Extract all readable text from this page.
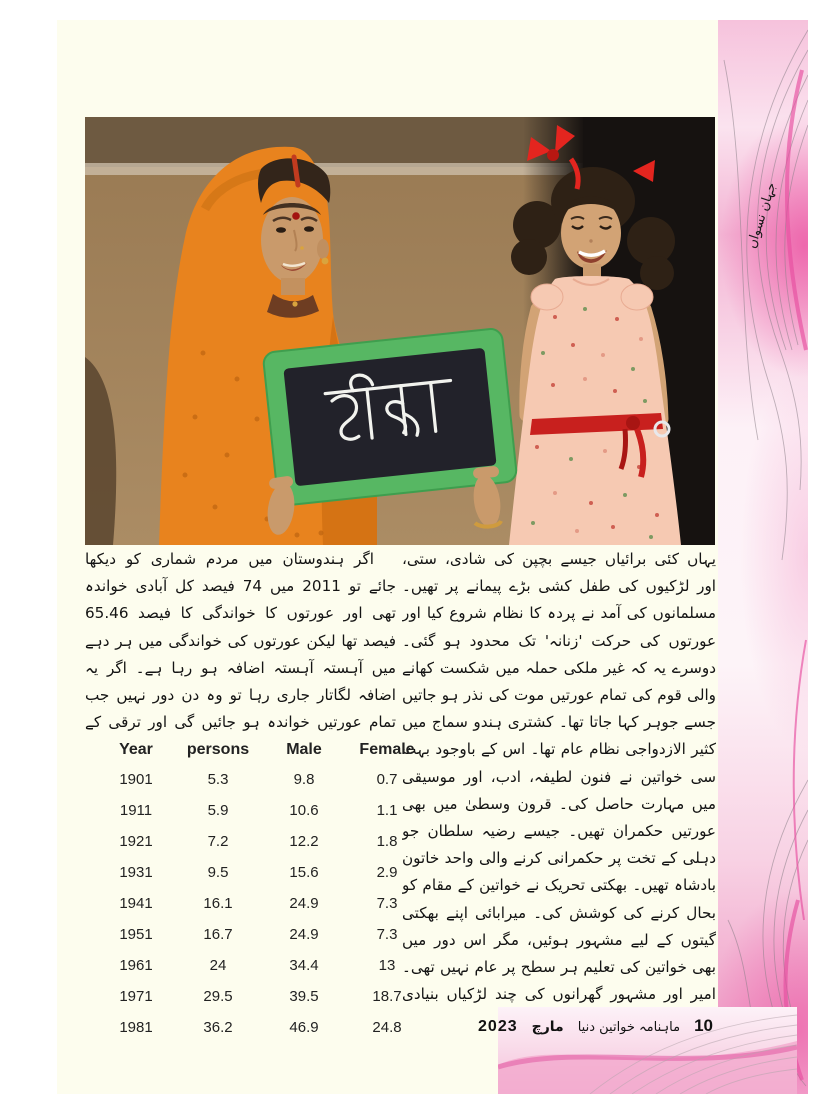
یہاں کئی برائیاں جیسے بچپن کی شادی، ستی، اور لڑکیوں کی طفل کشی بڑے پیمانے پر تھیں۔ مسلمانوں کی آمد نے پردہ کا نظام شروع کیا اور عورتوں کی حرکت 'زنانہ' تک محدود ہو گئی۔ دوسرے یہ کہ غیر ملکی حملہ میں شکست کھانے والی قوم کی تمام عورتیں موت کی نذر ہو جاتیں جسے جوہر کہا جاتا تھا۔ کشتری ہندو سماج میں کثیر الازدواجی نظام عام تھا۔ اس کے باوجود بہت سی خواتین نے فنون لطیفہ، ادب، اور موسیقی میں مہارت حاصل کی۔ قرون وسطیٰ میں بھی عورتیں حکمران تھیں۔ جیسے رضیہ سلطان جو دہلی کے تخت پر حکمرانی کرنے والی واحد خاتون بادشاہ تھیں۔ بھکتی تحریک نے خواتین کے مقام کو بحال کرنے کی کوشش کی۔ میرابائی اپنے بھکتی گیتوں کے لیے مشہور ہوئیں، مگر اس دور میں بھی خواتین کی تعلیم ہر سطح پر عام نہیں تھی۔ امیر اور مشہور گھرانوں کی چند لڑکیاں بنیادی
اگر ہندوستان میں مردم شماری کو دیکھا جائے تو 2011 میں 74 فیصد کل آبادی خواندہ تھی اور عورتوں کا خواندگی کا فیصد 65.46 فیصد تھا لیکن عورتوں کی خواندگی میں ہر دہے میں آہستہ آہستہ اضافہ ہو رہا ہے۔ اگر یہ اضافہ لگاتار جاری رہا تو وہ دن دور نہیں جب تمام عورتیں خواندہ ہو جائیں گی اور ترقی کے
Year	persons	Male	Female
1901	5.3	9.8	0.7
1911	5.9	10.6	1.1
1921	7.2	12.2	1.8
1931	9.5	15.6	2.9
1941	16.1	24.9	7.3
1951	16.7	24.9	7.3
1961	24	34.4	13
1971	29.5	39.5	18.7
1981	36.2	46.9	24.8
جہان نسواں
10
ماہنامہ خواتین دنیا
مارچ
2023
